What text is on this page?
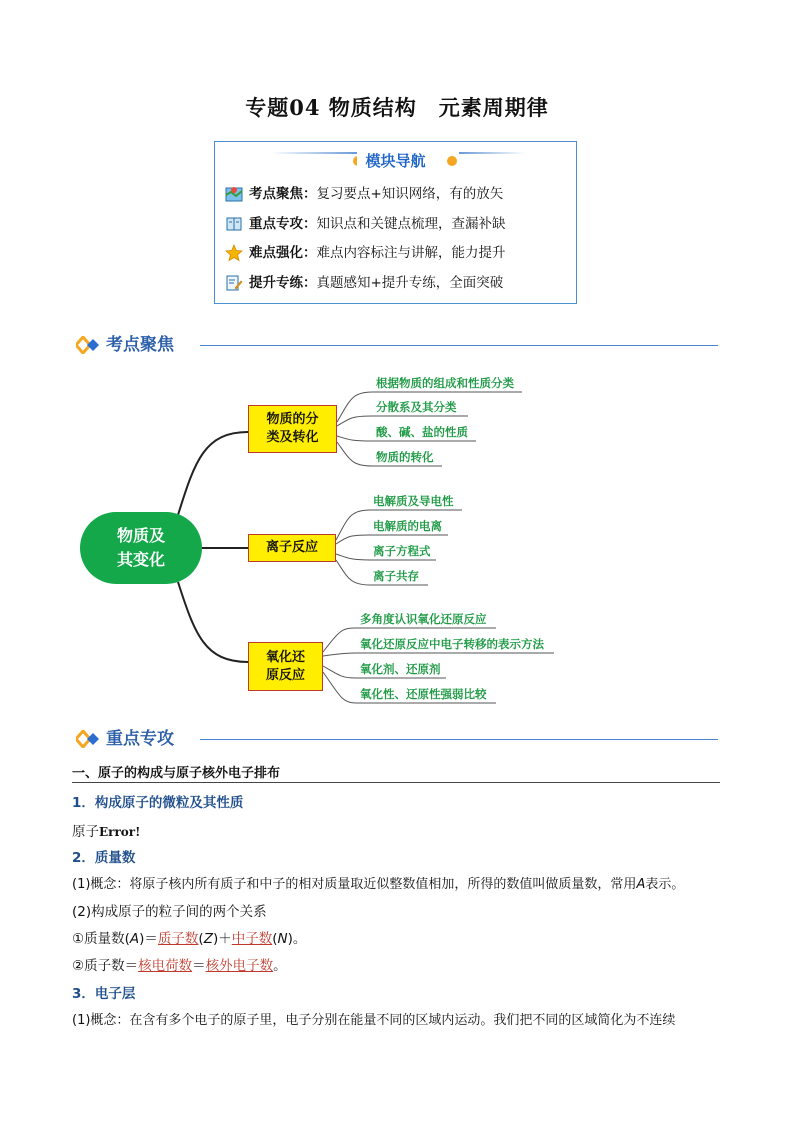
专题04 物质结构 元素周期律
模块导航
考点聚焦：复习要点+知识网络，有的放矢
重点专攻：知识点和关键点梳理，查漏补缺
难点强化：难点内容标注与讲解，能力提升
提升专练：真题感知+提升专练，全面突破
考点聚焦
物质及
其变化
物质的分
类及转化
离子反应
氧化还
原反应
根据物质的组成和性质分类
分散系及其分类
酸、碱、盐的性质
物质的转化
电解质及导电性
电解质的电离
离子方程式
离子共存
多角度认识氧化还原反应
氧化还原反应中电子转移的表示方法
氧化剂、还原剂
氧化性、还原性强弱比较
重点专攻
一、原子的构成与原子核外电子排布
1．构成原子的微粒及其性质
原子Error!
2．质量数
(1)概念：将原子核内所有质子和中子的相对质量取近似整数值相加，所得的数值叫做质量数，常用A表示。
(2)构成原子的粒子间的两个关系
①质量数(A)＝质子数(Z)＋中子数(N)。
②质子数＝核电荷数＝核外电子数。
3．电子层
(1)概念：在含有多个电子的原子里，电子分别在能量不同的区域内运动。我们把不同的区域简化为不连续
